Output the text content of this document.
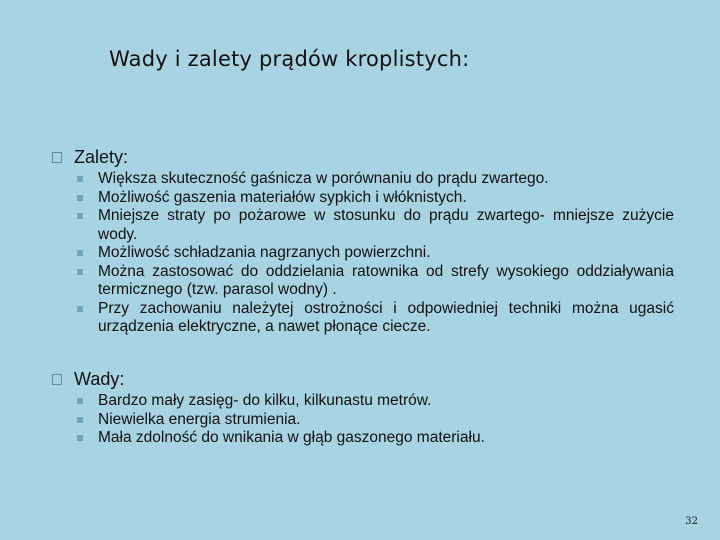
Wady i zalety prądów kroplistych:
Zalety:
Większa skuteczność gaśnicza w porównaniu do prądu zwartego.
Możliwość gaszenia materiałów sypkich i włóknistych.
Mniejsze straty po pożarowe w stosunku do prądu zwartego- mniejsze zużycie wody.
Możliwość schładzania nagrzanych powierzchni.
Można zastosować do oddzielania ratownika od strefy wysokiego oddziaływania termicznego (tzw. parasol wodny) .
Przy zachowaniu należytej ostrożności i odpowiedniej techniki można ugasić urządzenia elektryczne, a nawet płonące ciecze.
Wady:
Bardzo mały zasięg- do kilku, kilkunastu metrów.
Niewielka energia strumienia.
Mała zdolność do wnikania w głąb gaszonego materiału.
32
